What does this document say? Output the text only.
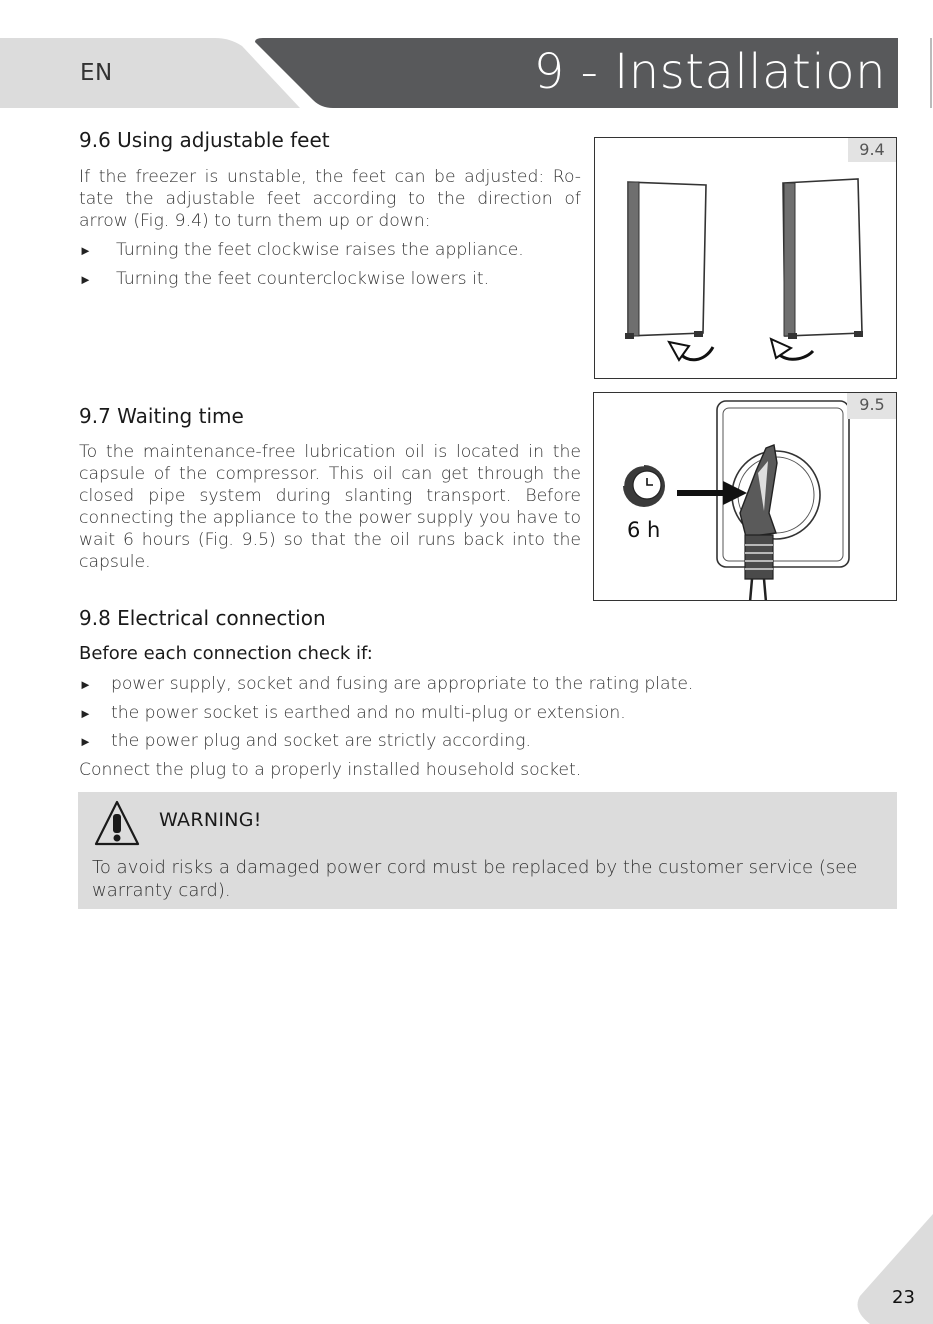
EN	9 - Installation
9.6 Using adjustable feet
If the freezer is unstable, the feet can be adjusted: Ro-tate the adjustable feet according to the direction of arrow (Fig. 9.4) to turn them up or down:
► Turning the feet clockwise raises the appliance.
► Turning the feet counterclockwise lowers it.
9.4
9.7 Waiting time
To the maintenance-free lubrication oil is located in the capsule of the compressor. This oil can get through the closed pipe system during slanting transport. Before connecting the appliance to the power supply you have to wait 6 hours (Fig. 9.5) so that the oil runs back into the capsule.
6 h
9.5
9.8 Electrical connection
Before each connection check if:
► power supply, socket and fusing are appropriate to the rating plate.
► the power socket is earthed and no multi-plug or extension.
► the power plug and socket are strictly according.
Connect the plug to a properly installed household socket.
WARNING!
To avoid risks a damaged power cord must be replaced by the customer service (see warranty card).
23
